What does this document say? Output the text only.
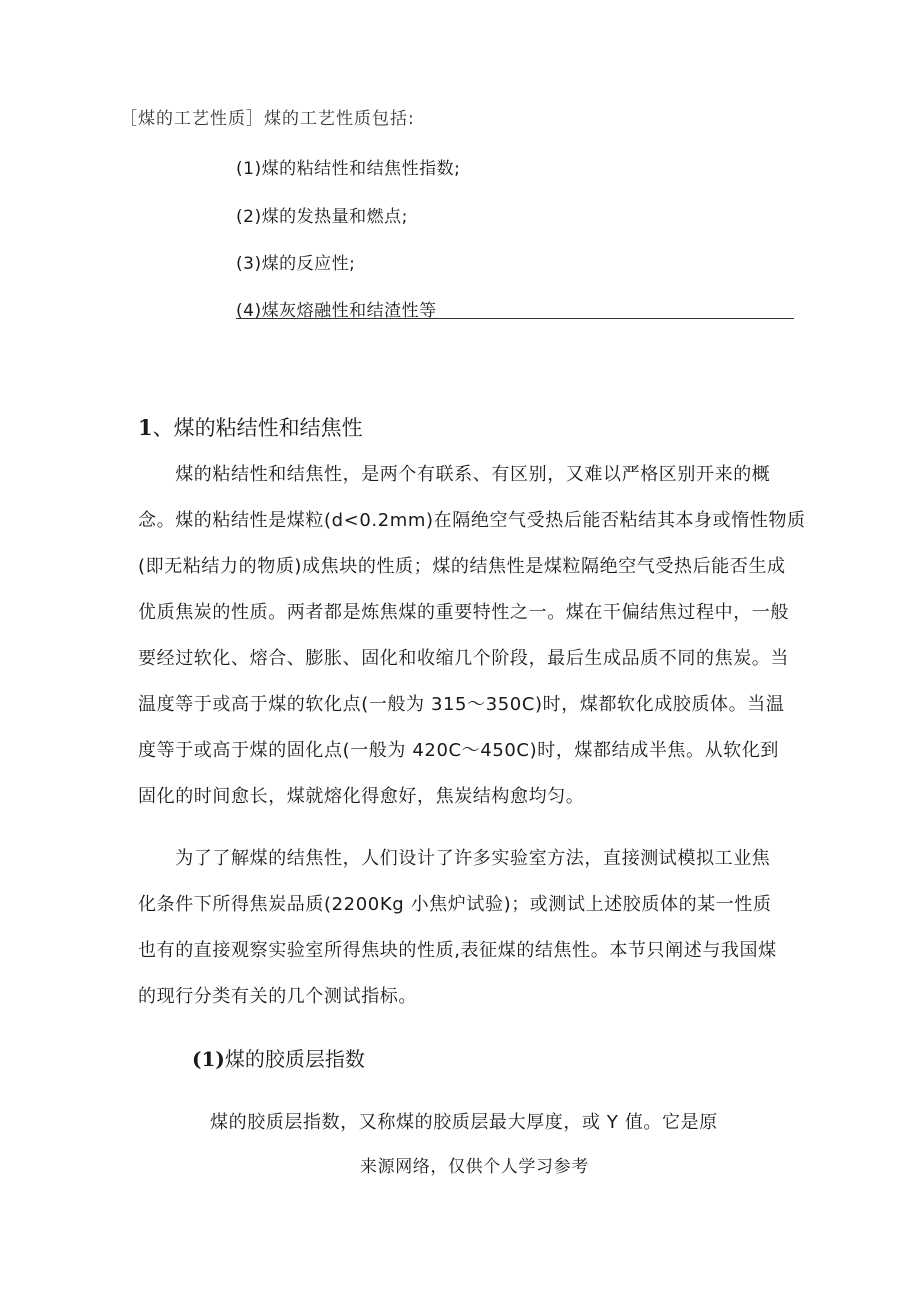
［煤的工艺性质］煤的工艺性质包括:
(1)煤的粘结性和结焦性指数;
(2)煤的发热量和燃点;
(3)煤的反应性;
(4)煤灰熔融性和结渣性等
1、煤的粘结性和结焦性
　　煤的粘结性和结焦性，是两个有联系、有区别，又难以严格区别开来的概
念。煤的粘结性是煤粒(d<0.2mm)在隔绝空气受热后能否粘结其本身或惰性物质
(即无粘结力的物质)成焦块的性质；煤的结焦性是煤粒隔绝空气受热后能否生成
优质焦炭的性质。两者都是炼焦煤的重要特性之一。煤在干偏结焦过程中，一般
要经过软化、熔合、膨胀、固化和收缩几个阶段，最后生成品质不同的焦炭。当
温度等于或高于煤的软化点(一般为 315～350C)时，煤都软化成胶质体。当温
度等于或高于煤的固化点(一般为 420C～450C)时，煤都结成半焦。从软化到
固化的时间愈长，煤就熔化得愈好，焦炭结构愈均匀。
　　为了了解煤的结焦性，人们设计了许多实验室方法，直接测试模拟工业焦
化条件下所得焦炭品质(2200Kg 小焦炉试验)；或测试上述胶质体的某一性质
也有的直接观察实验室所得焦块的性质,表征煤的结焦性。本节只阐述与我国煤
的现行分类有关的几个测试指标。
(1)煤的胶质层指数
煤的胶质层指数，又称煤的胶质层最大厚度，或 Y 值。它是原
来源网络，仅供个人学习参考
